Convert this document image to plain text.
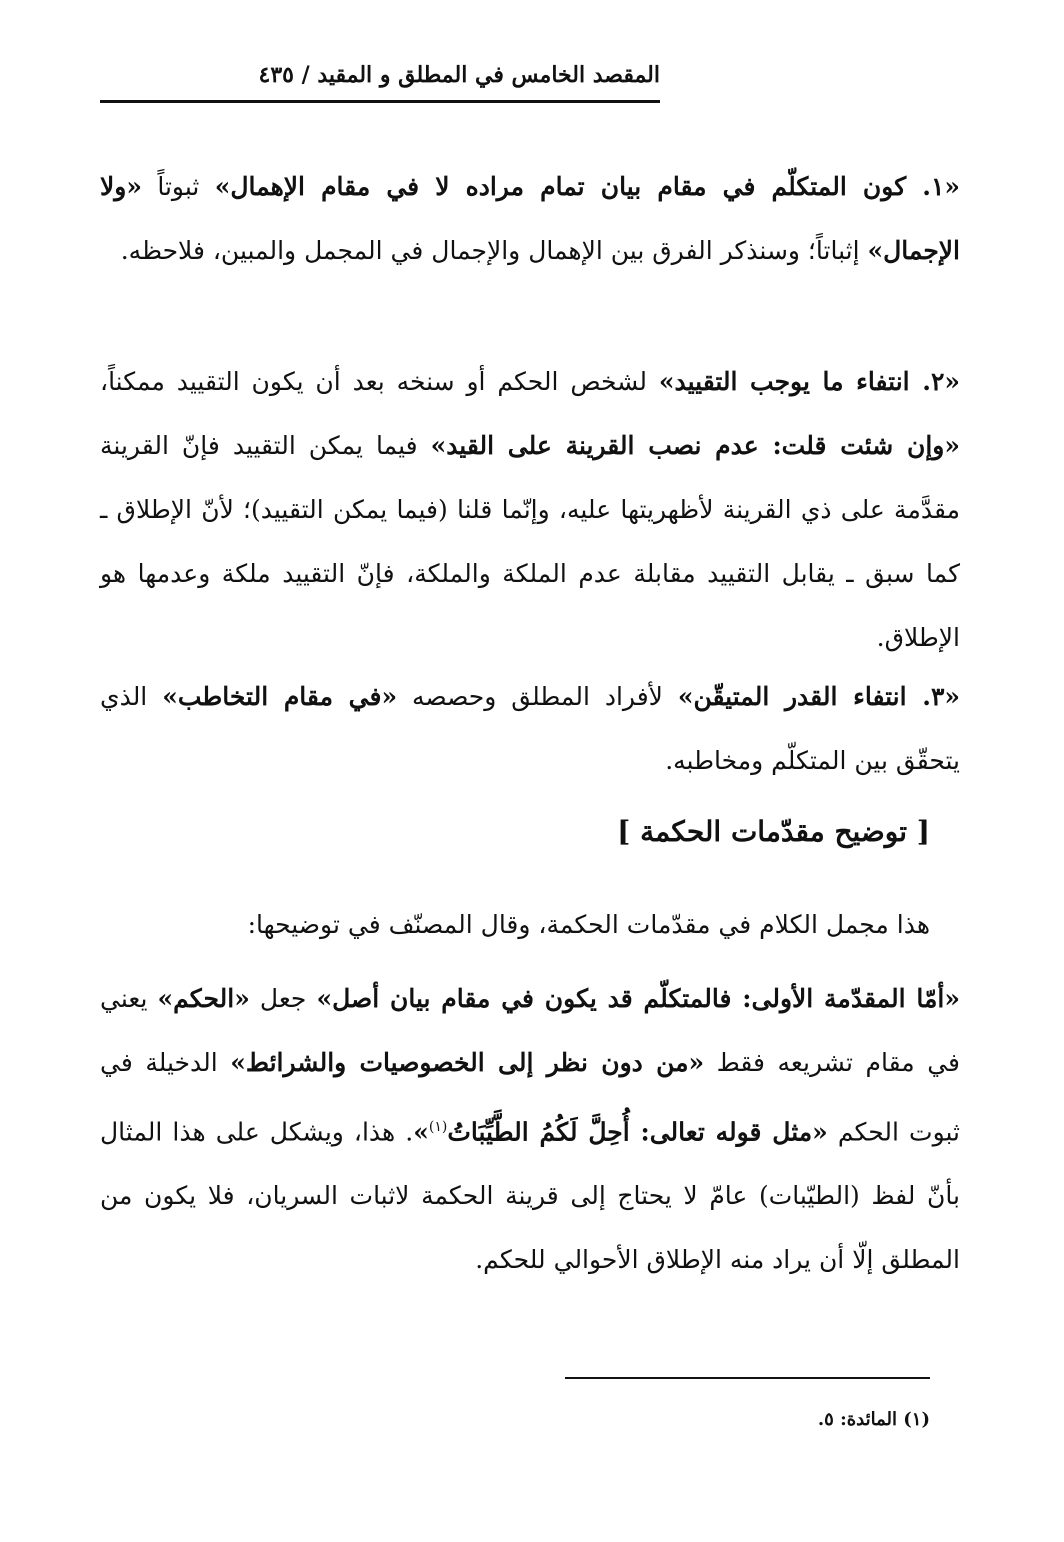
المقصد الخامس في المطلق و المقيد / ٤٣٥

«١. كون المتكلّم في مقام بيان تمام مراده لا في مقام الإهمال» ثبوتاً «ولا الإجمال» إثباتاً؛ وسنذكر الفرق بين الإهمال والإجمال في المجمل والمبين، فلاحظه.

«٢. انتفاء ما يوجب التقييد» لشخص الحكم أو سنخه بعد أن يكون التقييد ممكناً، «وإن شئت قلت: عدم نصب القرينة على القيد» فيما يمكن التقييد فإنّ القرينة مقدَّمة على ذي القرينة لأظهريتها عليه، وإنّما قلنا (فيما يمكن التقييد)؛ لأنّ الإطلاق ـ كما سبق ـ يقابل التقييد مقابلة عدم الملكة والملكة، فإنّ التقييد ملكة وعدمها هو الإطلاق.

«٣. انتفاء القدر المتيقّن» لأفراد المطلق وحصصه «في مقام التخاطب» الذي يتحقّق بين المتكلّم ومخاطبه.

[ توضيح مقدّمات الحكمة ]

هذا مجمل الكلام في مقدّمات الحكمة، وقال المصنّف في توضيحها:

«أمّا المقدّمة الأولى: فالمتكلّم قد يكون في مقام بيان أصل» جعل «الحكم» يعني في مقام تشريعه فقط «من دون نظر إلى الخصوصيات والشرائط» الدخيلة في ثبوت الحكم «مثل قوله تعالى: أُحِلَّ لَكُمُ الطَّيِّبَاتُ$^{(١)}$». هذا، ويشكل على هذا المثال بأنّ لفظ (الطيّبات) عامّ لا يحتاج إلى قرينة الحكمة لاثبات السريان، فلا يكون من المطلق إلّا أن يراد منه الإطلاق الأحوالي للحكم.

(١) المائدة: ٥.
